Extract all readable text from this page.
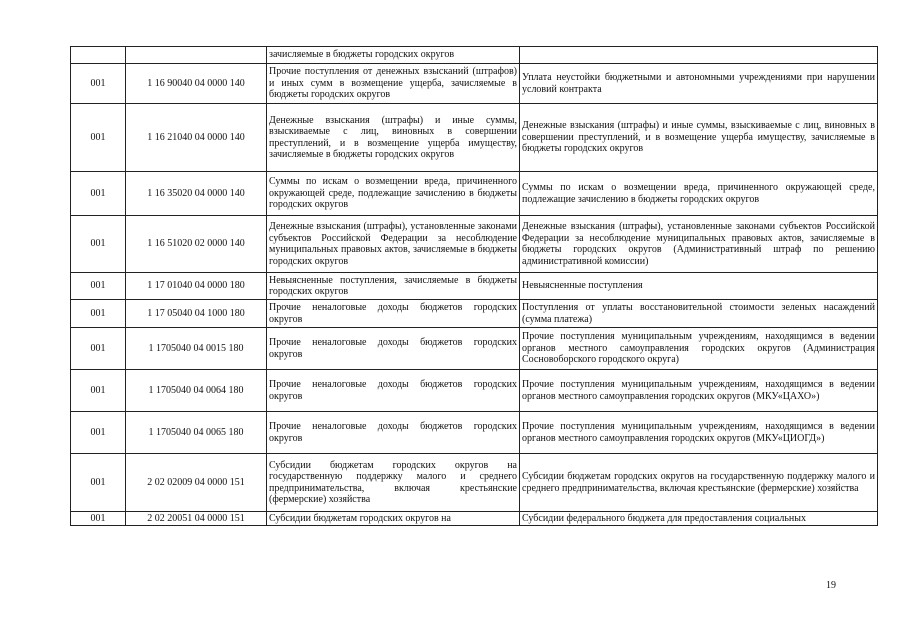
		зачисляемые в бюджеты городских округов	
001	1 16 90040 04 0000 140	Прочие поступления от денежных взысканий (штрафов) и иных сумм в возмещение ущерба, зачисляемые в бюджеты городских округов	Уплата неустойки бюджетными и автономными учреждениями при нарушении условий контракта
001	1 16 21040 04 0000 140	Денежные взыскания (штрафы) и иные суммы, взыскиваемые с лиц, виновных в совершении преступлений, и в возмещение ущерба имуществу, зачисляемые в бюджеты городских округов	Денежные взыскания (штрафы) и иные суммы, взыскиваемые с лиц, виновных в совершении преступлений, и в возмещение ущерба имуществу, зачисляемые в бюджеты городских округов
001	1 16 35020 04 0000 140	Суммы по искам о возмещении вреда, причиненного окружающей среде, подлежащие зачислению в бюджеты городских округов	Суммы по искам о возмещении вреда, причиненного окружающей среде, подлежащие зачислению в бюджеты городских округов
001	1 16 51020 02 0000 140	Денежные взыскания (штрафы), установленные законами субъектов Российской Федерации за несоблюдение муниципальных правовых актов, зачисляемые в бюджеты городских округов	Денежные взыскания (штрафы), установленные законами субъектов Российской Федерации за несоблюдение муниципальных правовых актов, зачисляемые в бюджеты городских округов (Административный штраф по решению административной комиссии)
001	1 17 01040 04 0000 180	Невыясненные поступления, зачисляемые в бюджеты городских округов	Невыясненные поступления
001	1 17 05040 04 1000 180	Прочие неналоговые доходы бюджетов городских округов	Поступления от уплаты восстановительной стоимости зеленых насаждений (сумма платежа)
001	1 1705040 04 0015 180	Прочие неналоговые доходы бюджетов городских округов	Прочие поступления муниципальным учреждениям, находящимся в ведении органов местного самоуправления городских округов (Администрация Сосновоборского городского округа)
001	1 1705040 04 0064 180	Прочие неналоговые доходы бюджетов городских округов	Прочие поступления муниципальным учреждениям, находящимся в ведении органов местного самоуправления городских округов (МКУ«ЦАХО»)
001	1 1705040 04 0065 180	Прочие неналоговые доходы бюджетов городских округов	Прочие поступления муниципальным учреждениям, находящимся в ведении органов местного самоуправления городских округов (МКУ«ЦИОГД»)
001	2 02 02009 04 0000 151	Субсидии бюджетам городских округов на государственную поддержку малого и среднего предпринимательства, включая крестьянские (фермерские) хозяйства	Субсидии бюджетам городских округов на государственную поддержку малого и среднего предпринимательства, включая крестьянские (фермерские) хозяйства
001	2 02 20051 04 0000 151	Субсидии бюджетам городских округов на	Субсидии федерального бюджета для предоставления социальных
19
